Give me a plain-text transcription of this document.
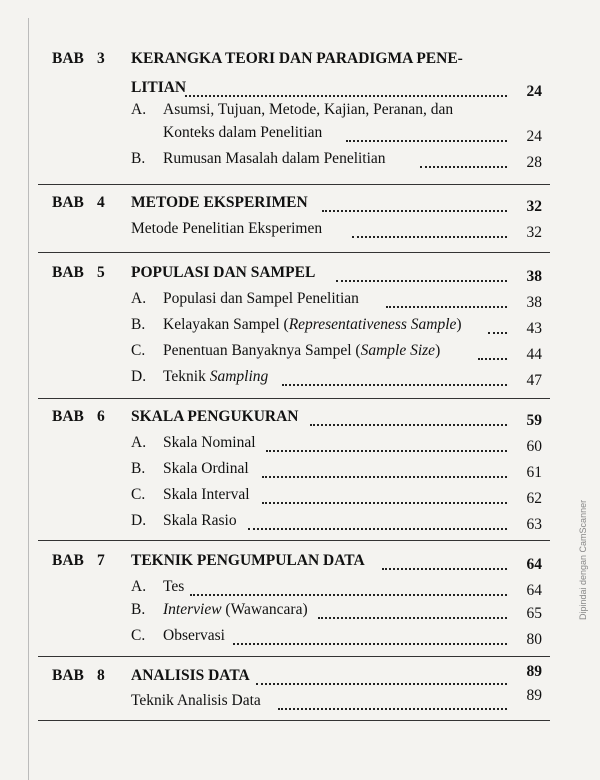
BAB 3 KERANGKA TEORI DAN PARADIGMA PENE-
LITIAN	24
A. Asumsi, Tujuan, Metode, Kajian, Peranan, dan
Konteks dalam Penelitian	24
B. Rumusan Masalah dalam Penelitian	28
BAB 4 METODE EKSPERIMEN	32
Metode Penelitian Eksperimen	32
BAB 5 POPULASI DAN SAMPEL	38
A. Populasi dan Sampel Penelitian	38
B. Kelayakan Sampel (Representativeness Sample)	43
C. Penentuan Banyaknya Sampel (Sample Size)	44
D. Teknik Sampling	47
BAB 6 SKALA PENGUKURAN	59
A. Skala Nominal	60
B. Skala Ordinal	61
C. Skala Interval	62
D. Skala Rasio	63
BAB 7 TEKNIK PENGUMPULAN DATA	64
A. Tes	64
B. Interview (Wawancara)	65
C. Observasi	80
BAB 8 ANALISIS DATA	89
Teknik Analisis Data	89
Dipindai dengan CamScanner
